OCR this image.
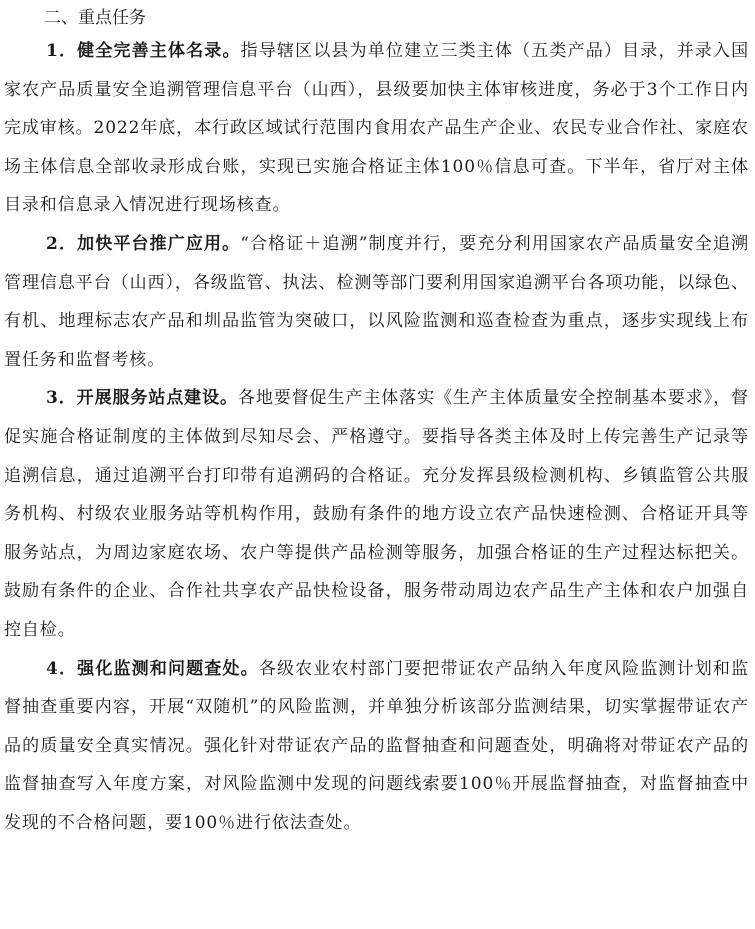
二、重点任务

1．健全完善主体名录。指导辖区以县为单位建立三类主体（五类产品）目录，并录入国家农产品质量安全追溯管理信息平台（山西），县级要加快主体审核进度，务必于3个工作日内完成审核。2022年底，本行政区域试行范围内食用农产品生产企业、农民专业合作社、家庭农场主体信息全部收录形成台账，实现已实施合格证主体100％信息可查。下半年，省厅对主体目录和信息录入情况进行现场核查。

2．加快平台推广应用。“合格证＋追溯”制度并行，要充分利用国家农产品质量安全追溯管理信息平台（山西），各级监管、执法、检测等部门要利用国家追溯平台各项功能，以绿色、有机、地理标志农产品和圳品监管为突破口，以风险监测和巡查检查为重点，逐步实现线上布置任务和监督考核。

3．开展服务站点建设。各地要督促生产主体落实《生产主体质量安全控制基本要求》，督促实施合格证制度的主体做到尽知尽会、严格遵守。要指导各类主体及时上传完善生产记录等追溯信息，通过追溯平台打印带有追溯码的合格证。充分发挥县级检测机构、乡镇监管公共服务机构、村级农业服务站等机构作用，鼓励有条件的地方设立农产品快速检测、合格证开具等服务站点，为周边家庭农场、农户等提供产品检测等服务，加强合格证的生产过程达标把关。鼓励有条件的企业、合作社共享农产品快检设备，服务带动周边农产品生产主体和农户加强自控自检。

4．强化监测和问题查处。各级农业农村部门要把带证农产品纳入年度风险监测计划和监督抽查重要内容，开展“双随机”的风险监测，并单独分析该部分监测结果，切实掌握带证农产品的质量安全真实情况。强化针对带证农产品的监督抽查和问题查处，明确将对带证农产品的监督抽查写入年度方案，对风险监测中发现的问题线索要100％开展监督抽查，对监督抽查中发现的不合格问题，要100％进行依法查处。
